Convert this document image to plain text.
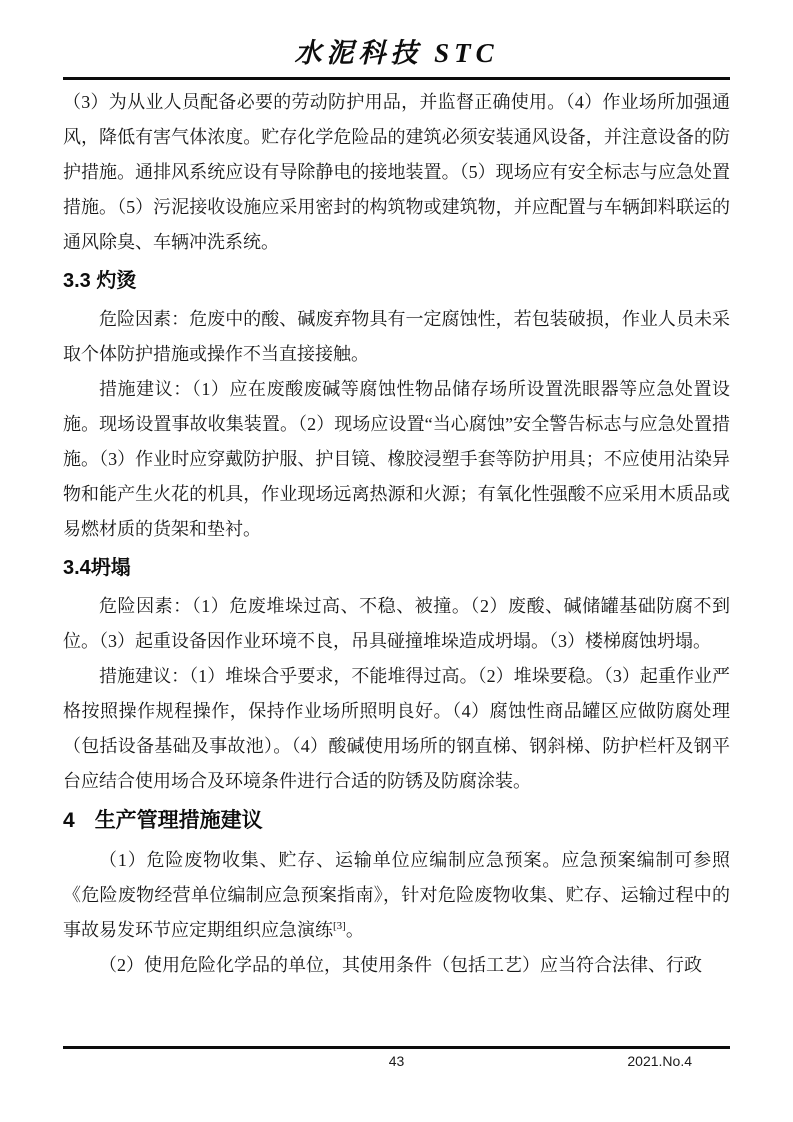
水泥科技 STC

（3）为从业人员配备必要的劳动防护用品，并监督正确使用。（4）作业场所加强通风，降低有害气体浓度。贮存化学危险品的建筑必须安装通风设备，并注意设备的防护措施。通排风系统应设有导除静电的接地装置。（5）现场应有安全标志与应急处置措施。（5）污泥接收设施应采用密封的构筑物或建筑物，并应配置与车辆卸料联运的通风除臭、车辆冲洗系统。

3.3 灼烫

危险因素：危废中的酸、碱废弃物具有一定腐蚀性，若包装破损，作业人员未采取个体防护措施或操作不当直接接触。

措施建议：（1）应在废酸废碱等腐蚀性物品储存场所设置洗眼器等应急处置设施。现场设置事故收集装置。（2）现场应设置“当心腐蚀”安全警告标志与应急处置措施。（3）作业时应穿戴防护服、护目镜、橡胶浸塑手套等防护用具；不应使用沾染异物和能产生火花的机具，作业现场远离热源和火源；有氧化性强酸不应采用木质品或易燃材质的货架和垫衬。

3.4坍塌

危险因素：（1）危废堆垛过高、不稳、被撞。（2）废酸、碱储罐基础防腐不到位。（3）起重设备因作业环境不良，吊具碰撞堆垛造成坍塌。（3）楼梯腐蚀坍塌。

措施建议：（1）堆垛合乎要求，不能堆得过高。（2）堆垛要稳。（3）起重作业严格按照操作规程操作，保持作业场所照明良好。（4）腐蚀性商品罐区应做防腐处理（包括设备基础及事故池）。（4）酸碱使用场所的钢直梯、钢斜梯、防护栏杆及钢平台应结合使用场合及环境条件进行合适的防锈及防腐涂装。

4 生产管理措施建议

（1）危险废物收集、贮存、运输单位应编制应急预案。应急预案编制可参照《危险废物经营单位编制应急预案指南》，针对危险废物收集、贮存、运输过程中的事故易发环节应定期组织应急演练[3]。

（2）使用危险化学品的单位，其使用条件（包括工艺）应当符合法律、行政

43	2021.No.4
